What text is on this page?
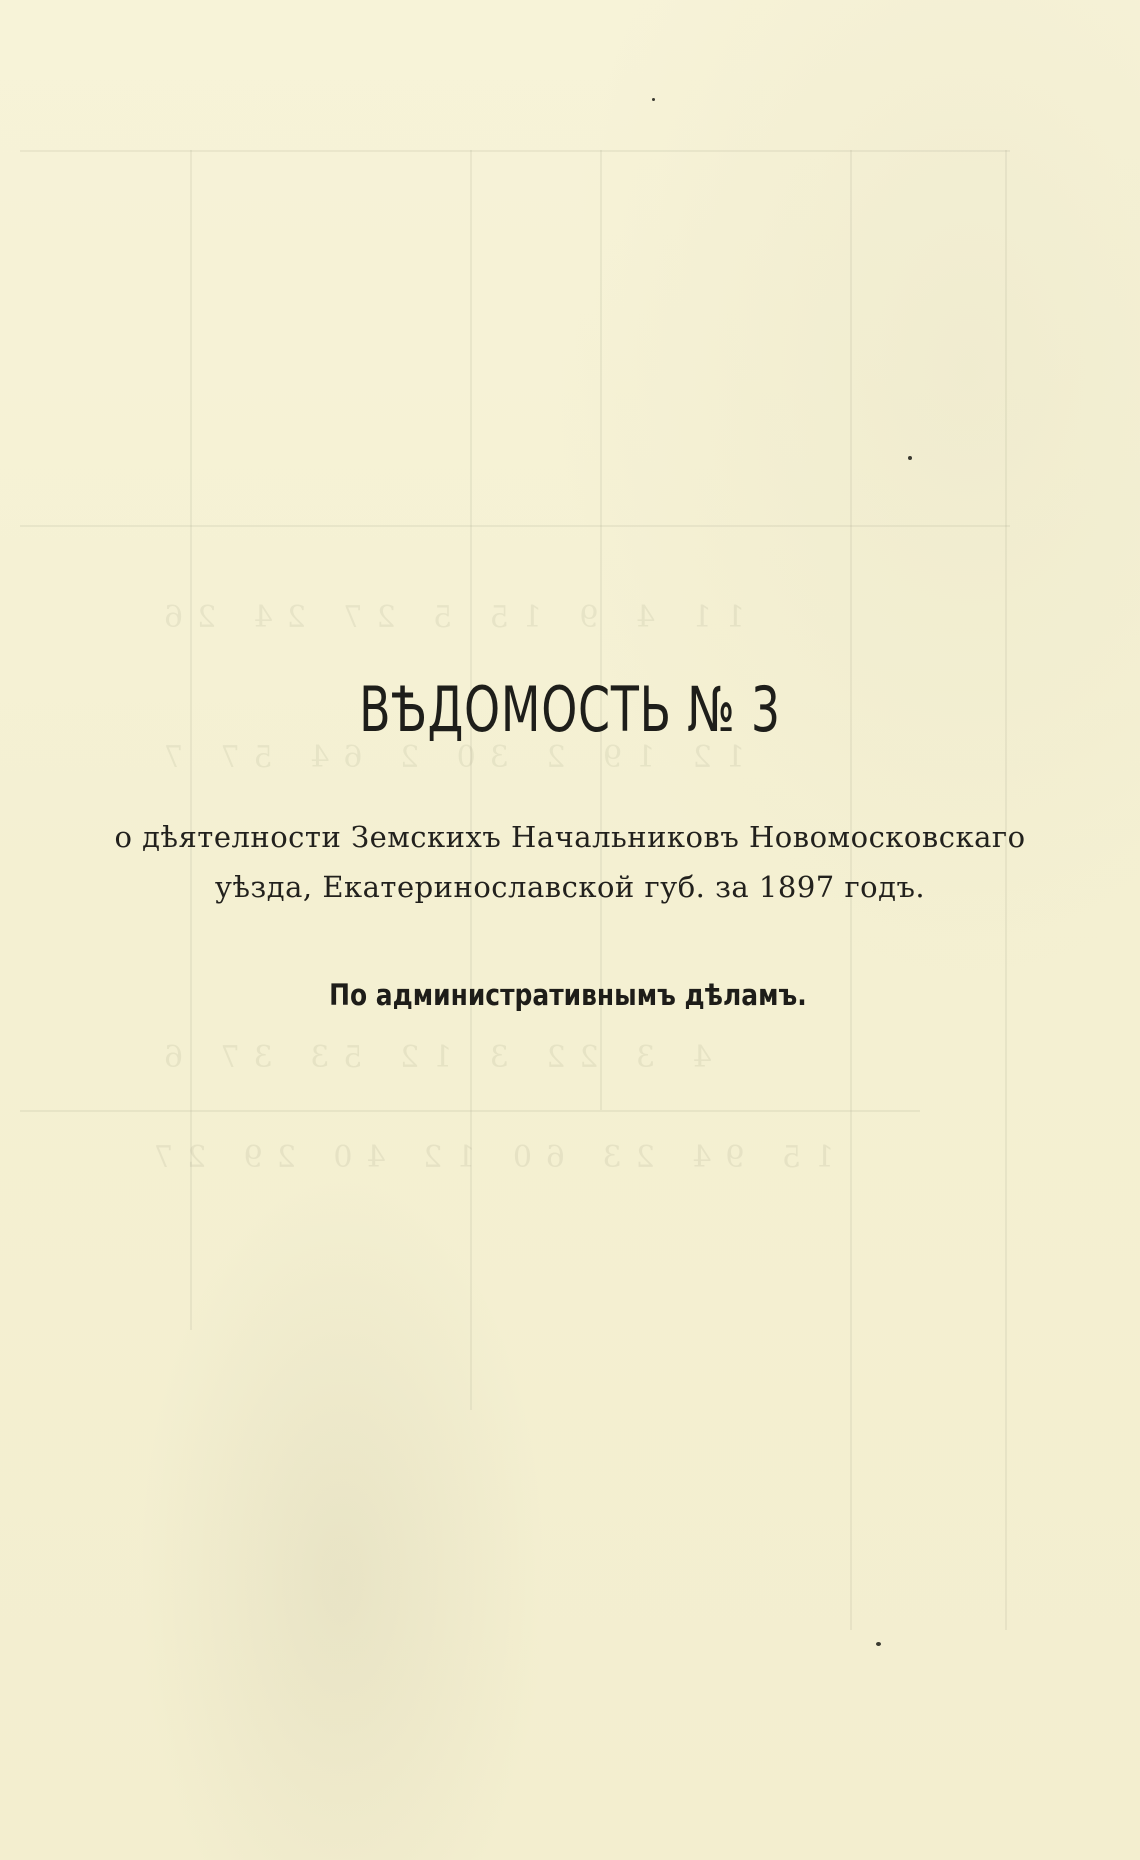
11 4 9 15 5 27 24 26
12 19 2 30 2 64 57 7
4 3 22 3 12 53 37 6
15 94 23 60 12 40 29 27
ВѢДОМОСТЬ № 3
о дѣятелности Земскихъ Начальниковъ Новомосковскаго
уѣзда, Екатеринославской губ. за 1897 годъ.
По административнымъ дѣламъ.
